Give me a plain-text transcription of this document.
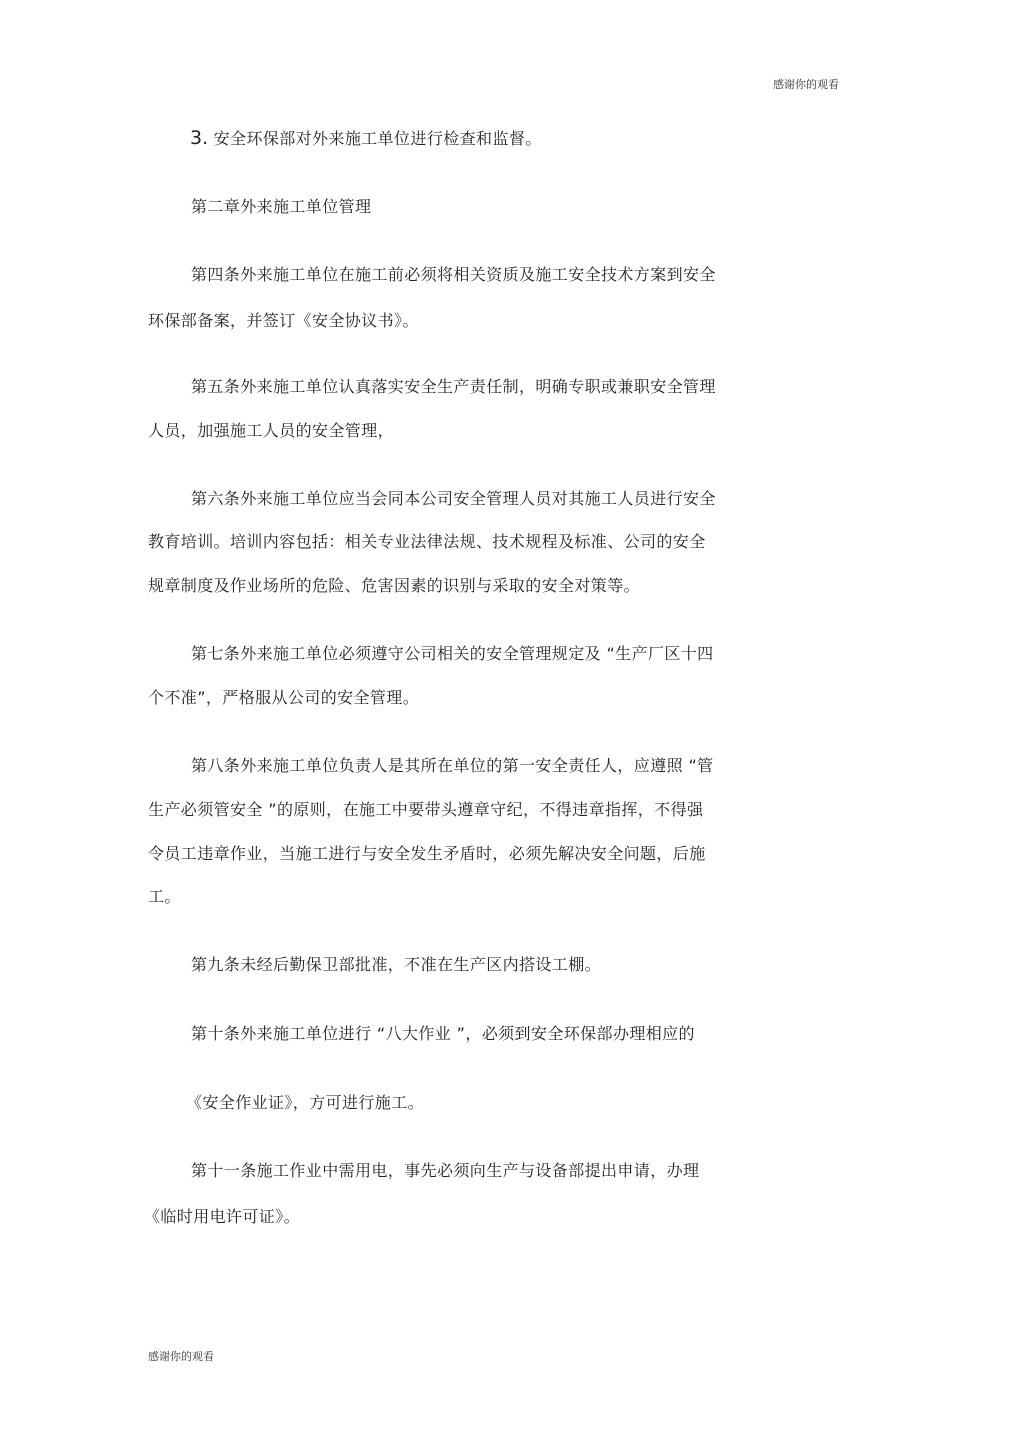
感谢你的观看
3. 安全环保部对外来施工单位进行检查和监督。
第二章外来施工单位管理
第四条外来施工单位在施工前必须将相关资质及施工安全技术方案到安全
环保部备案，并签订《安全协议书》。
第五条外来施工单位认真落实安全生产责任制，明确专职或兼职安全管理
人员，加强施工人员的安全管理，
第六条外来施工单位应当会同本公司安全管理人员对其施工人员进行安全
教育培训。培训内容包括：相关专业法律法规、技术规程及标准、公司的安全
规章制度及作业场所的危险、危害因素的识别与采取的安全对策等。
第七条外来施工单位必须遵守公司相关的安全管理规定及 “生产厂区十四
个不准”，严格服从公司的安全管理。
第八条外来施工单位负责人是其所在单位的第一安全责任人，应遵照 “管
生产必须管安全 ”的原则，在施工中要带头遵章守纪，不得违章指挥，不得强
令员工违章作业，当施工进行与安全发生矛盾时，必须先解决安全问题，后施
工。
第九条未经后勤保卫部批准，不准在生产区内搭设工棚。
第十条外来施工单位进行 “八大作业 ”，必须到安全环保部办理相应的
《安全作业证》，方可进行施工。
第十一条施工作业中需用电，事先必须向生产与设备部提出申请，办理
《临时用电许可证》。
感谢你的观看
